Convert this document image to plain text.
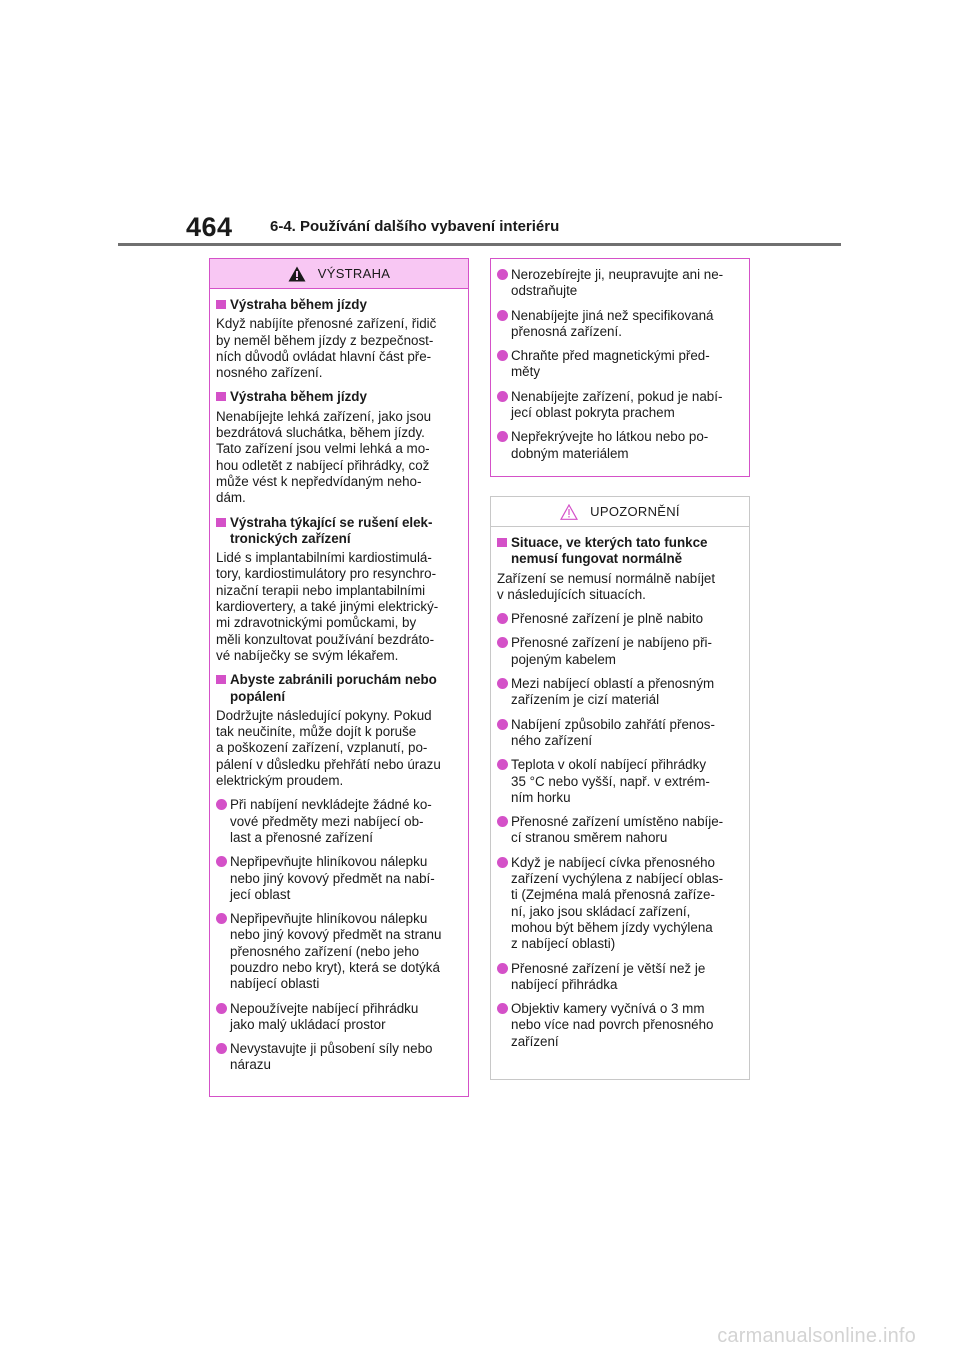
464 6-4. Používání dalšího vybavení interiéru
VÝSTRAHA
Výstraha během jízdy
Když nabíjíte přenosné zařízení, řidič
by neměl během jízdy z bezpečnost-
ních důvodů ovládat hlavní část pře-
nosného zařízení.
Výstraha během jízdy
Nenabíjejte lehká zařízení, jako jsou
bezdrátová sluchátka, během jízdy.
Tato zařízení jsou velmi lehká a mo-
hou odletět z nabíjecí přihrádky, což
může vést k nepředvídaným neho-
dám.
Výstraha týkající se rušení elek-
tronických zařízení
Lidé s implantabilními kardiostimulá-
tory, kardiostimulátory pro resynchro-
nizační terapii nebo implantabilními
kardiovertery, a také jinými elektrický-
mi zdravotnickými pomůckami, by
měli konzultovat používání bezdráto-
vé nabíječky se svým lékařem.
Abyste zabránili poruchám nebo
popálení
Dodržujte následující pokyny. Pokud
tak neučiníte, může dojít k poruše
a poškození zařízení, vzplanutí, po-
pálení v důsledku přehřátí nebo úrazu
elektrickým proudem.
Při nabíjení nevkládejte žádné ko-
vové předměty mezi nabíjecí ob-
last a přenosné zařízení
Nepřipevňujte hliníkovou nálepku
nebo jiný kovový předmět na nabí-
jecí oblast
Nepřipevňujte hliníkovou nálepku
nebo jiný kovový předmět na stranu
přenosného zařízení (nebo jeho
pouzdro nebo kryt), která se dotýká
nabíjecí oblasti
Nepoužívejte nabíjecí přihrádku
jako malý ukládací prostor
Nevystavujte ji působení síly nebo
nárazu
Nerozebírejte ji, neupravujte ani ne-
odstraňujte
Nenabíjejte jiná než specifikovaná
přenosná zařízení.
Chraňte před magnetickými před-
měty
Nenabíjejte zařízení, pokud je nabí-
jecí oblast pokryta prachem
Nepřekrývejte ho látkou nebo po-
dobným materiálem
UPOZORNĚNÍ
Situace, ve kterých tato funkce
nemusí fungovat normálně
Zařízení se nemusí normálně nabíjet
v následujících situacích.
Přenosné zařízení je plně nabito
Přenosné zařízení je nabíjeno při-
pojeným kabelem
Mezi nabíjecí oblastí a přenosným
zařízením je cizí materiál
Nabíjení způsobilo zahřátí přenos-
ného zařízení
Teplota v okolí nabíjecí přihrádky
35 °C nebo vyšší, např. v extrém-
ním horku
Přenosné zařízení umístěno nabíje-
cí stranou směrem nahoru
Když je nabíjecí cívka přenosného
zařízení vychýlena z nabíjecí oblas-
ti (Zejména malá přenosná zaříze-
ní, jako jsou skládací zařízení,
mohou být během jízdy vychýlena
z nabíjecí oblasti)
Přenosné zařízení je větší než je
nabíjecí přihrádka
Objektiv kamery vyčnívá o 3 mm
nebo více nad povrch přenosného
zařízení
carmanualsonline.info
